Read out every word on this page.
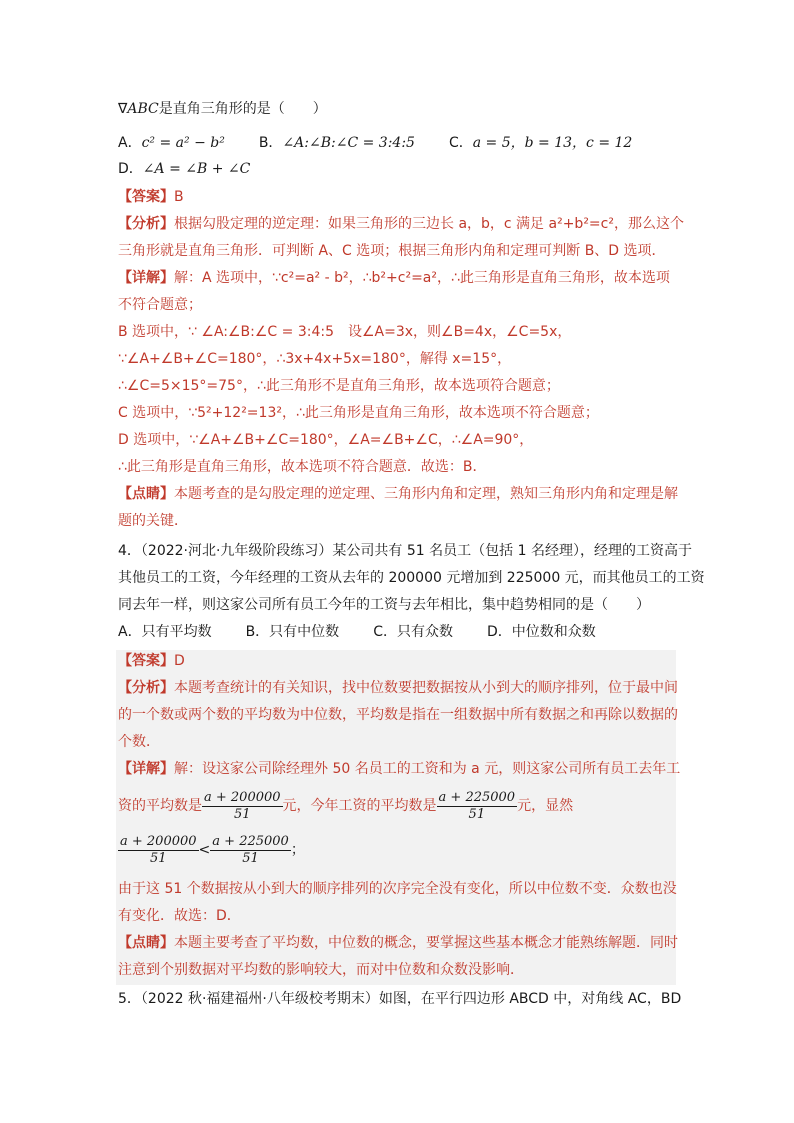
∇ABC是直角三角形的是（　　）
A．c² = a² − b² B．∠A:∠B:∠C = 3:4:5 C．a = 5，b = 13，c = 12
D．∠A = ∠B + ∠C
【答案】B
【分析】根据勾股定理的逆定理：如果三角形的三边长 a，b，c 满足 a²+b²=c²，那么这个
三角形就是直角三角形．可判断 A、C 选项；根据三角形内角和定理可判断 B、D 选项．
【详解】解：A 选项中，∵c²=a² - b²，∴b²+c²=a²，∴此三角形是直角三角形，故本选项
不符合题意；
B 选项中，∵ ∠A:∠B:∠C = 3:4:5　设∠A=3x，则∠B=4x，∠C=5x，
∵∠A+∠B+∠C=180°，∴3x+4x+5x=180°，解得 x=15°，
∴∠C=5×15°=75°，∴此三角形不是直角三角形，故本选项符合题意；
C 选项中，∵5²+12²=13²，∴此三角形是直角三角形，故本选项不符合题意；
D 选项中，∵∠A+∠B+∠C=180°，∠A=∠B+∠C，∴∠A=90°，
∴此三角形是直角三角形，故本选项不符合题意．故选：B．
【点睛】本题考查的是勾股定理的逆定理、三角形内角和定理，熟知三角形内角和定理是解
题的关键．
4．（2022·河北·九年级阶段练习）某公司共有 51 名员工（包括 1 名经理），经理的工资高于
其他员工的工资，今年经理的工资从去年的 200000 元增加到 225000 元，而其他员工的工资
同去年一样，则这家公司所有员工今年的工资与去年相比，集中趋势相同的是（　　）
A．只有平均数 B．只有中位数 C．只有众数 D．中位数和众数
【答案】D
【分析】本题考查统计的有关知识，找中位数要把数据按从小到大的顺序排列，位于最中间
的一个数或两个数的平均数为中位数，平均数是指在一组数据中所有数据之和再除以数据的
个数．
【详解】解：设这家公司除经理外 50 名员工的工资和为 a 元，则这家公司所有员工去年工
资的平均数是 $\frac{a + 200000}{51}$ 元，今年工资的平均数是 $\frac{a + 225000}{51}$ 元，显然
$\frac{a + 200000}{51} < \frac{a + 225000}{51}$ ；
由于这 51 个数据按从小到大的顺序排列的次序完全没有变化，所以中位数不变．众数也没
有变化．故选：D．
【点睛】本题主要考查了平均数，中位数的概念，要掌握这些基本概念才能熟练解题．同时
注意到个别数据对平均数的影响较大，而对中位数和众数没影响．
5．（2022 秋·福建福州·八年级校考期末）如图，在平行四边形 ABCD 中，对角线 AC，BD
